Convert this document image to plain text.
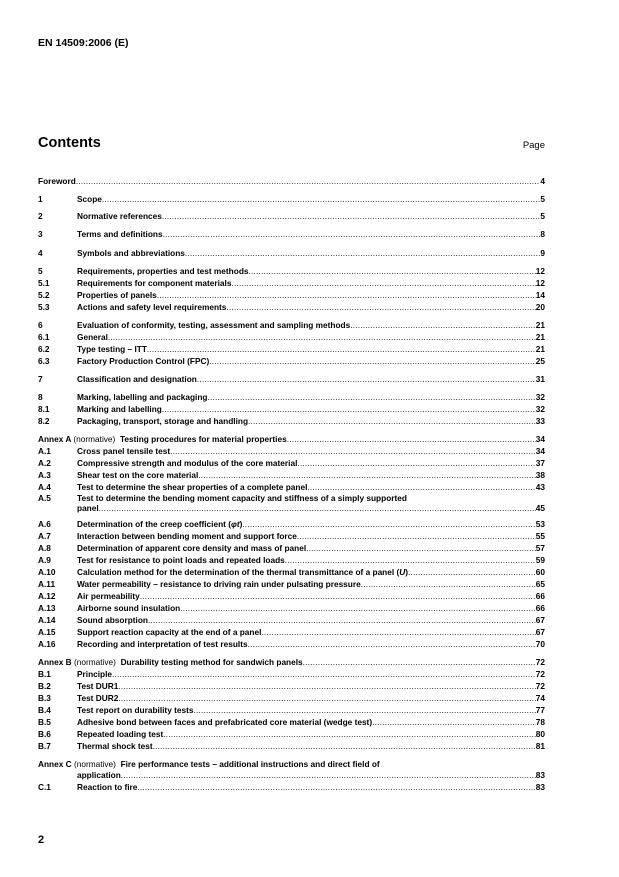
EN 14509:2006 (E)
Contents	Page
Foreword .....	4
1	Scope .....	5
2	Normative references .....	5
3	Terms and definitions .....	8
4	Symbols and abbreviations .....	9
5	Requirements, properties and test methods .....	12
5.1	Requirements for component materials .....	12
5.2	Properties of panels .....	14
5.3	Actions and safety level requirements .....	20
6	Evaluation of conformity, testing, assessment and sampling methods .....	21
6.1	General .....	21
6.2	Type testing – ITT .....	21
6.3	Factory Production Control (FPC) .....	25
7	Classification and designation .....	31
8	Marking, labelling and packaging .....	32
8.1	Marking and labelling .....	32
8.2	Packaging, transport, storage and handling .....	33
Annex A (normative) Testing procedures for material properties .....	34
A.1	Cross panel tensile test .....	34
A.2	Compressive strength and modulus of the core material .....	37
A.3	Shear test on the core material .....	38
A.4	Test to determine the shear properties of a complete panel .....	43
A.5	Test to determine the bending moment capacity and stiffness of a simply supported
panel .....	45
A.6	Determination of the creep coefficient (φt) .....	53
A.7	Interaction between bending moment and support force .....	55
A.8	Determination of apparent core density and mass of panel .....	57
A.9	Test for resistance to point loads and repeated loads .....	59
A.10	Calculation method for the determination of the thermal transmittance of a panel (U) .....	60
A.11	Water permeability – resistance to driving rain under pulsating pressure .....	65
A.12	Air permeability .....	66
A.13	Airborne sound insulation .....	66
A.14	Sound absorption .....	67
A.15	Support reaction capacity at the end of a panel .....	67
A.16	Recording and interpretation of test results .....	70
Annex B (normative) Durability testing method for sandwich panels .....	72
B.1	Principle .....	72
B.2	Test DUR1 .....	72
B.3	Test DUR2 .....	74
B.4	Test report on durability tests .....	77
B.5	Adhesive bond between faces and prefabricated core material (wedge test) .....	78
B.6	Repeated loading test .....	80
B.7	Thermal shock test .....	81
Annex C (normative) Fire performance tests – additional instructions and direct field of
application .....	83
C.1	Reaction to fire .....	83
2
